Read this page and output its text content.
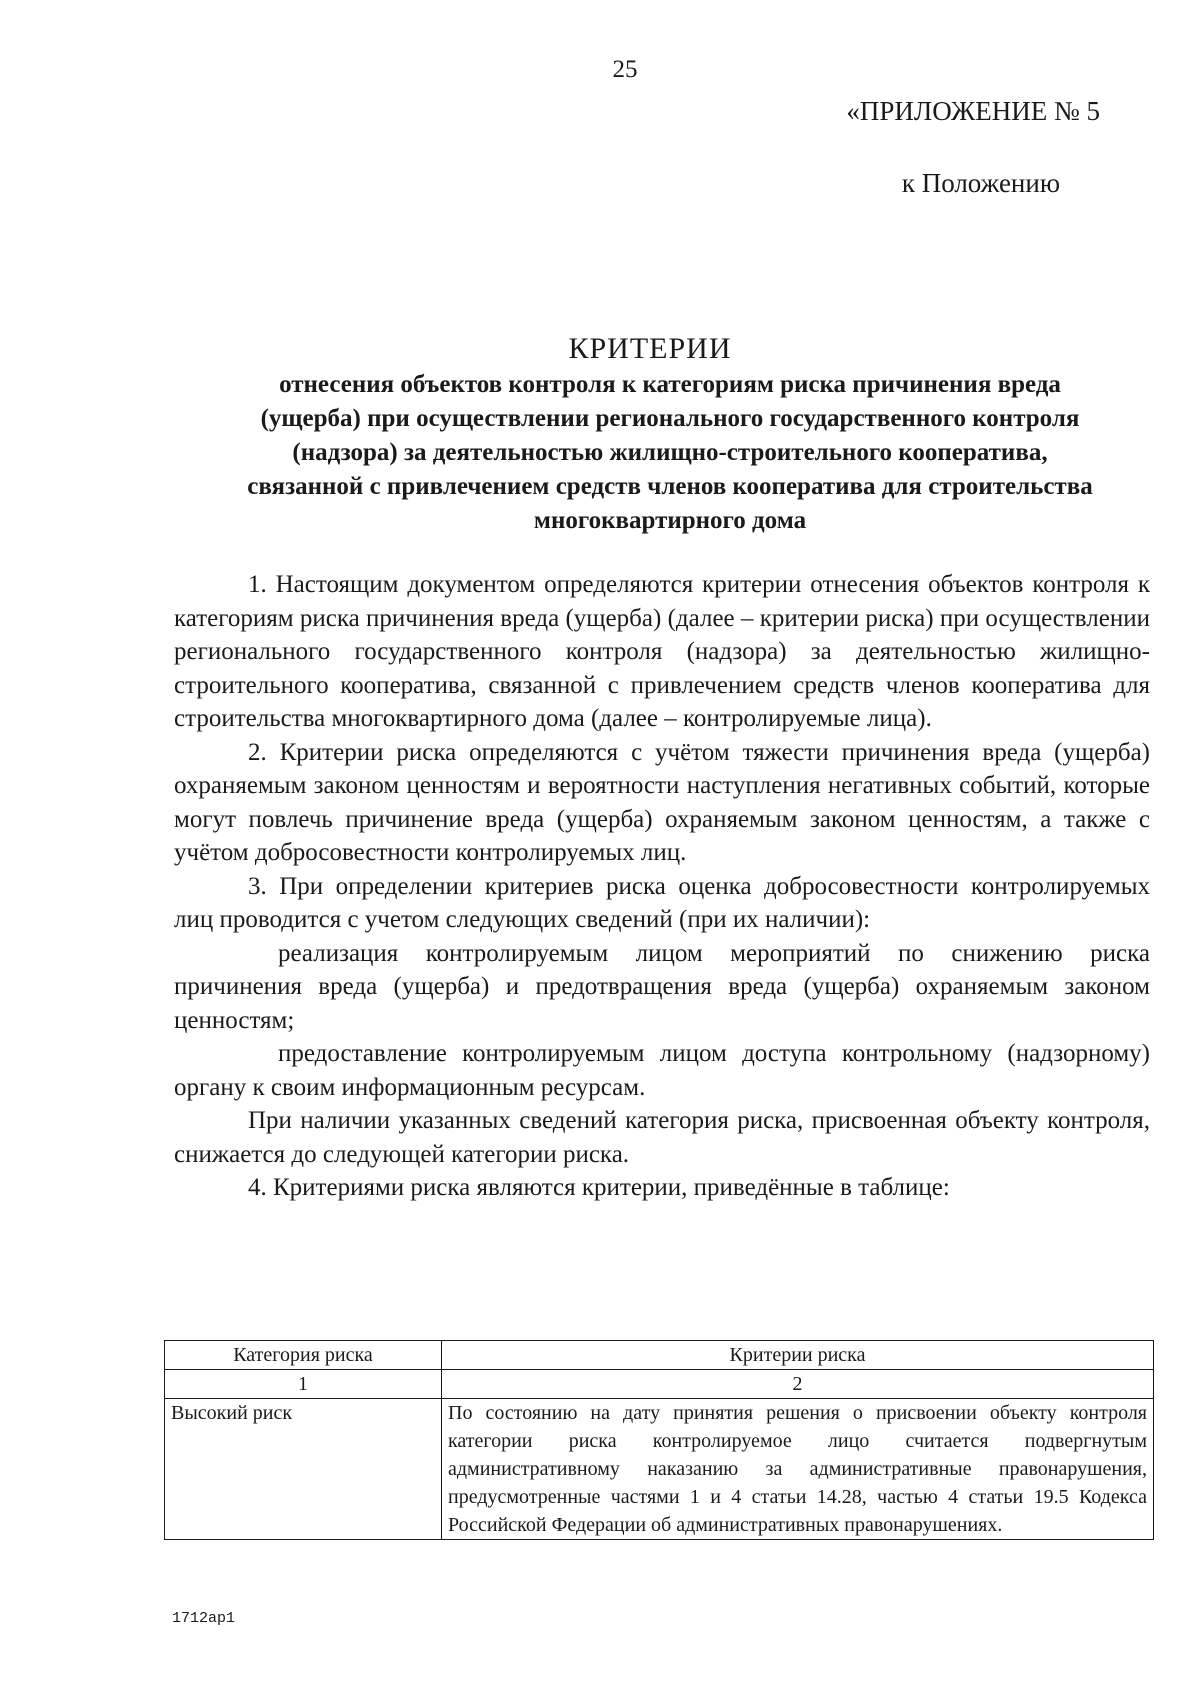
25
«ПРИЛОЖЕНИЕ № 5
к Положению
КРИТЕРИИ
отнесения объектов контроля к категориям риска причинения вреда
(ущерба) при осуществлении регионального государственного контроля
(надзора) за деятельностью жилищно-строительного кооператива,
связанной с привлечением средств членов кооператива для строительства
многоквартирного дома

1. Настоящим документом определяются критерии отнесения объектов контроля к категориям риска причинения вреда (ущерба) (далее – критерии риска) при осуществлении регионального государственного контроля (надзора) за деятельностью жилищно-строительного кооператива, связанной с привлечением средств членов кооператива для строительства многоквартирного дома (далее – контролируемые лица).

2. Критерии риска определяются с учётом тяжести причинения вреда (ущерба) охраняемым законом ценностям и вероятности наступления негативных событий, которые могут повлечь причинение вреда (ущерба) охраняемым законом ценностям, а также с учётом добросовестности контролируемых лиц.

3. При определении критериев риска оценка добросовестности контролируемых лиц проводится с учетом следующих сведений (при их наличии):

реализация контролируемым лицом мероприятий по снижению риска причинения вреда (ущерба) и предотвращения вреда (ущерба) охраняемым законом ценностям;

предоставление контролируемым лицом доступа контрольному (надзорному) органу к своим информационным ресурсам.

При наличии указанных сведений категория риска, присвоенная объекту контроля, снижается до следующей категории риска.

4. Критериями риска являются критерии, приведённые в таблице:

Категория риска	Критерии риска
1	2
Высокий риск	По состоянию на дату принятия решения о присвоении объекту контроля категории риска контролируемое лицо считается подвергнутым административному наказанию за административные правонарушения, предусмотренные частями 1 и 4 статьи 14.28, частью 4 статьи 19.5 Кодекса Российской Федерации об административных правонарушениях.
1712ap1
